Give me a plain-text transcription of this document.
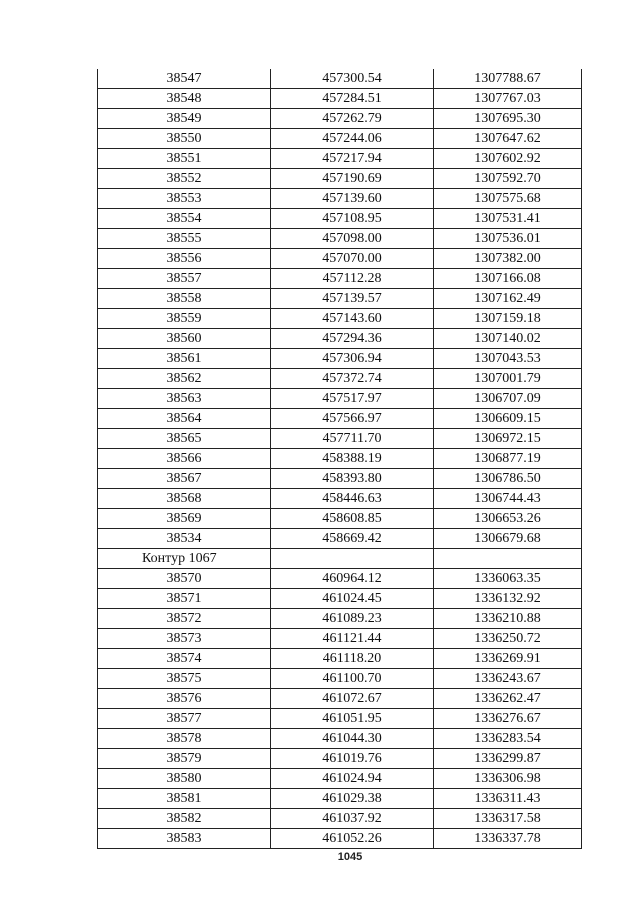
38547	457300.54	1307788.67
38548	457284.51	1307767.03
38549	457262.79	1307695.30
38550	457244.06	1307647.62
38551	457217.94	1307602.92
38552	457190.69	1307592.70
38553	457139.60	1307575.68
38554	457108.95	1307531.41
38555	457098.00	1307536.01
38556	457070.00	1307382.00
38557	457112.28	1307166.08
38558	457139.57	1307162.49
38559	457143.60	1307159.18
38560	457294.36	1307140.02
38561	457306.94	1307043.53
38562	457372.74	1307001.79
38563	457517.97	1306707.09
38564	457566.97	1306609.15
38565	457711.70	1306972.15
38566	458388.19	1306877.19
38567	458393.80	1306786.50
38568	458446.63	1306744.43
38569	458608.85	1306653.26
38534	458669.42	1306679.68
Контур 1067		
38570	460964.12	1336063.35
38571	461024.45	1336132.92
38572	461089.23	1336210.88
38573	461121.44	1336250.72
38574	461118.20	1336269.91
38575	461100.70	1336243.67
38576	461072.67	1336262.47
38577	461051.95	1336276.67
38578	461044.30	1336283.54
38579	461019.76	1336299.87
38580	461024.94	1336306.98
38581	461029.38	1336311.43
38582	461037.92	1336317.58
38583	461052.26	1336337.78
1045
